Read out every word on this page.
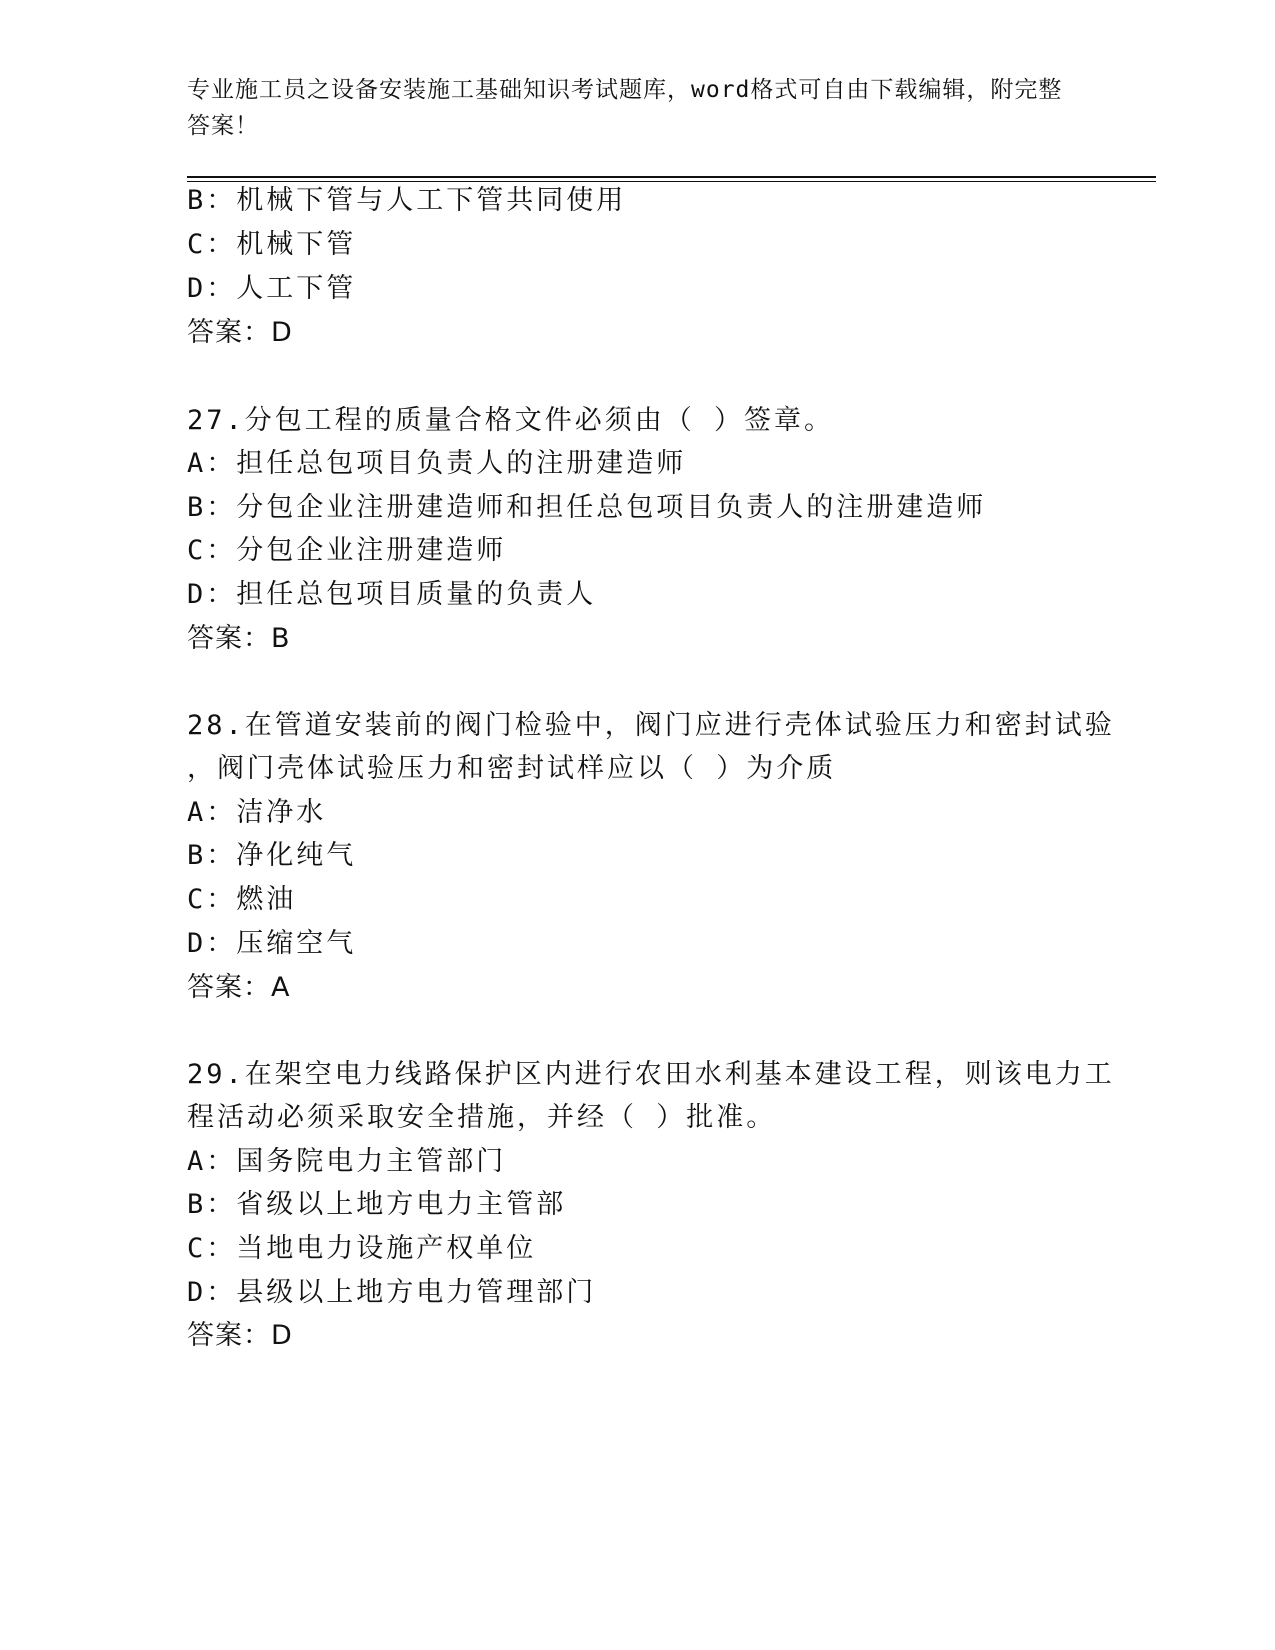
专业施工员之设备安装施工基础知识考试题库，word格式可自由下载编辑，附完整答案！
B：机械下管与人工下管共同使用
C：机械下管
D：人工下管
答案：D
27.分包工程的质量合格文件必须由（ ）签章。
A：担任总包项目负责人的注册建造师
B：分包企业注册建造师和担任总包项目负责人的注册建造师
C：分包企业注册建造师
D：担任总包项目质量的负责人
答案：B
28.在管道安装前的阀门检验中，阀门应进行壳体试验压力和密封试验
，阀门壳体试验压力和密封试样应以（ ）为介质
A：洁净水
B：净化纯气
C：燃油
D：压缩空气
答案：A
29.在架空电力线路保护区内进行农田水利基本建设工程，则该电力工
程活动必须采取安全措施，并经（ ）批准。
A：国务院电力主管部门
B：省级以上地方电力主管部
C：当地电力设施产权单位
D：县级以上地方电力管理部门
答案：D
